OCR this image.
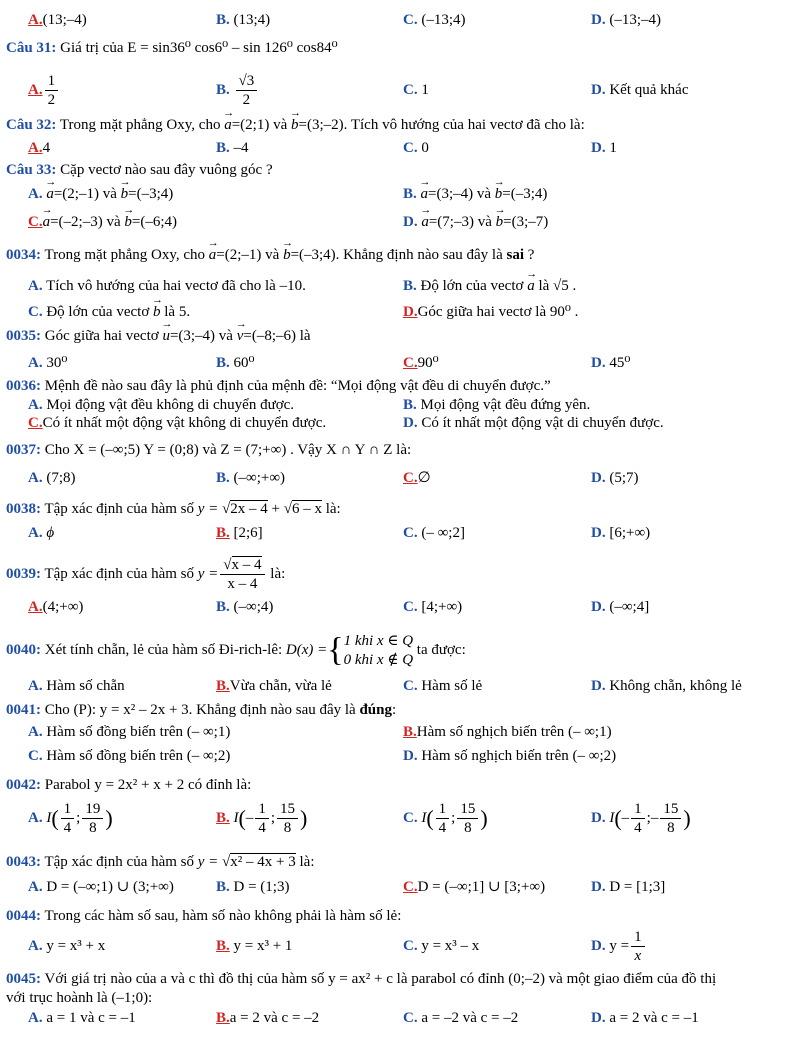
A.(13;–4)	B. (13;4)	C. (–13;4)	D. (–13;–4)
Câu 31: Giá trị của E = sin36⁰ cos6⁰ – sin 126⁰ cos84⁰
A. $\frac{1}{2}$	B. $\frac{√3}{2}$	C. 1	D. Kết quả khác
Câu 32: Trong mặt phẳng Oxy, cho → a=(2;1) và → b=(3;–2). Tích vô hướng của hai vectơ đã cho là:
A.4	B. –4	C. 0	D. 1
Câu 33: Cặp vectơ nào sau đây vuông góc ?
A. → a=(2;–1) và → b=(–3;4)	B. → a=(3;–4) và → b=(–3;4)
C.→ a=(–2;–3) và → b=(–6;4)	D. → a=(7;–3) và → b=(3;–7)
0034: Trong mặt phẳng Oxy, cho → a=(2;–1) và → b=(–3;4). Khẳng định nào sau đây là sai ?
A. Tích vô hướng của hai vectơ đã cho là –10.	B. Độ lớn của vectơ → a là √5 .
C. Độ lớn của vectơ → b là 5.	D.Góc giữa hai vectơ là 90⁰ .
0035: Góc giữa hai vectơ → u=(3;–4) và → v=(–8;–6) là
A. 30⁰	B. 60⁰	C.90⁰	D. 45⁰
0036: Mệnh đề nào sau đây là phủ định của mệnh đề: “Mọi động vật đều di chuyển được.”
A. Mọi động vật đều không di chuyển được.	B. Mọi động vật đều đứng yên.
C.Có ít nhất một động vật không di chuyển được.	D. Có ít nhất một động vật di chuyển được.
0037: Cho X = (–∞;5) Y = (0;8) và Z = (7;+∞) . Vậy X ∩ Y ∩ Z là:
A. (7;8)	B. (–∞;+∞)	C.∅	D. (5;7)
0038: Tập xác định của hàm số y = √2x – 4 + √6 – x là:
A. ϕ	B. [2;6]	C. (– ∞;2]	D. [6;+∞)
0039: Tập xác định của hàm số $y = \frac{√x - 4}{x - 4}$ là:
A.(4;+∞)	B. (–∞;4)	C. [4;+∞)	D. (–∞;4]
0040: Xét tính chẵn, lẻ của hàm số Đi-rich-lê: D(x) ={ 1 khi x ∈ Q
0 khi x ∉ Q
ta được:
A. Hàm số chẵn	B.Vừa chẵn, vừa lẻ	C. Hàm số lẻ	D. Không chẵn, không lẻ
0041: Cho (P): y = x² – 2x + 3. Khẳng định nào sau đây là đúng:
A. Hàm số đồng biến trên (– ∞;1)	B.Hàm số nghịch biến trên (– ∞;1)
C. Hàm số đồng biến trên (– ∞;2)	D. Hàm số nghịch biến trên (– ∞;2)
0042: Parabol y = 2x² + x + 2 có đỉnh là:
A. $I( \frac{1}{4}$ ; $\frac{19}{8}$ )	B. $I(- \frac{1}{4}$ ; $\frac{15}{8}$ )	C. $I( \frac{1}{4}$ ; $\frac{15}{8}$ )	D. $I(- \frac{1}{4}$ ;– $\frac{15}{8}$ )
0043: Tập xác định của hàm số y = √x² – 4x + 3 là:
A. D = (–∞;1) ∪ (3;+∞)	B. D = (1;3)	C.D = (–∞;1] ∪ [3;+∞)	D. D = [1;3]
0044: Trong các hàm số sau, hàm số nào không phải là hàm số lẻ:
A. y = x³ + x	B. y = x³ + 1	C. y = x³ – x	D. $y = \frac{1}{x}$
0045: Với giá trị nào của a và c thì đồ thị của hàm số y = ax² + c là parabol có đỉnh (0;–2) và một giao điểm của đồ thị
với trục hoành là (–1;0):
A. a = 1 và c = –1	B.a = 2 và c = –2	C. a = –2 và c = –2	D. a = 2 và c = –1
